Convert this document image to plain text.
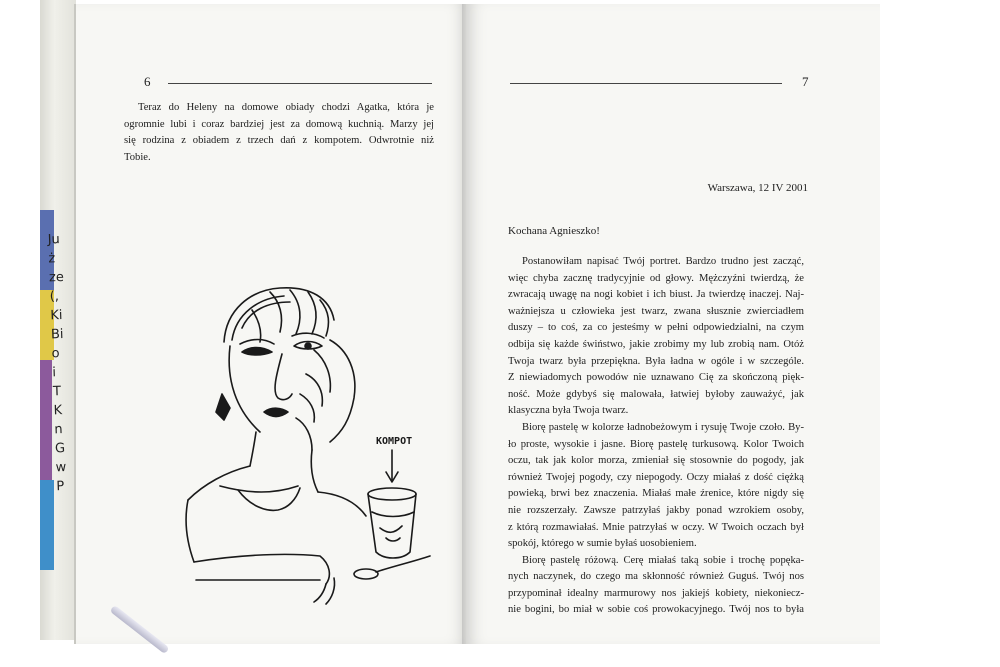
Ju
ż
ze
(,
Ki
Bi
o
i
T
K
n
G
w
P
6
Teraz do Heleny na domowe obiady chodzi Agatka, która je
ogromnie lubi i coraz bardziej jest za domową kuchnią. Marzy jej
się rodzina z obiadem z trzech dań z kompotem. Odwrotnie niż
Tobie.
KOMPOT
7
Warszawa, 12 IV 2001
Kochana Agnieszko!
Postanowiłam napisać Twój portret. Bardzo trudno jest zacząć,
więc chyba zacznę tradycyjnie od głowy. Mężczyźni twierdzą, że
zwracają uwagę na nogi kobiet i ich biust. Ja twierdzę inaczej. Naj-
ważniejsza u człowieka jest twarz, zwana słusznie zwierciadłem
duszy – to coś, za co jesteśmy w pełni odpowiedzialni, na czym
odbija się każde świństwo, jakie zrobimy my lub zrobią nam. Otóż
Twoja twarz była przepiękna. Była ładna w ogóle i w szczególe.
Z niewiadomych powodów nie uznawano Cię za skończoną pięk-
ność. Może gdybyś się malowała, łatwiej byłoby zauważyć, jak
klasyczna była Twoja twarz.
Biorę pastelę w kolorze ładnobeżowym i rysuję Twoje czoło. By-
ło proste, wysokie i jasne. Biorę pastelę turkusową. Kolor Twoich
oczu, tak jak kolor morza, zmieniał się stosownie do pogody, jak
również Twojej pogody, czy niepogody. Oczy miałaś z dość ciężką
powieką, brwi bez znaczenia. Miałaś małe źrenice, które nigdy się
nie rozszerzały. Zawsze patrzyłaś jakby ponad wzrokiem osoby,
z którą rozmawiałaś. Mnie patrzyłaś w oczy. W Twoich oczach był
spokój, którego w sumie byłaś uosobieniem.
Biorę pastelę różową. Cerę miałaś taką sobie i trochę popęka-
nych naczynek, do czego ma skłonność również Guguś. Twój nos
przypominał idealny marmurowy nos jakiejś kobiety, niekoniecz-
nie bogini, bo miał w sobie coś prowokacyjnego. Twój nos to była
